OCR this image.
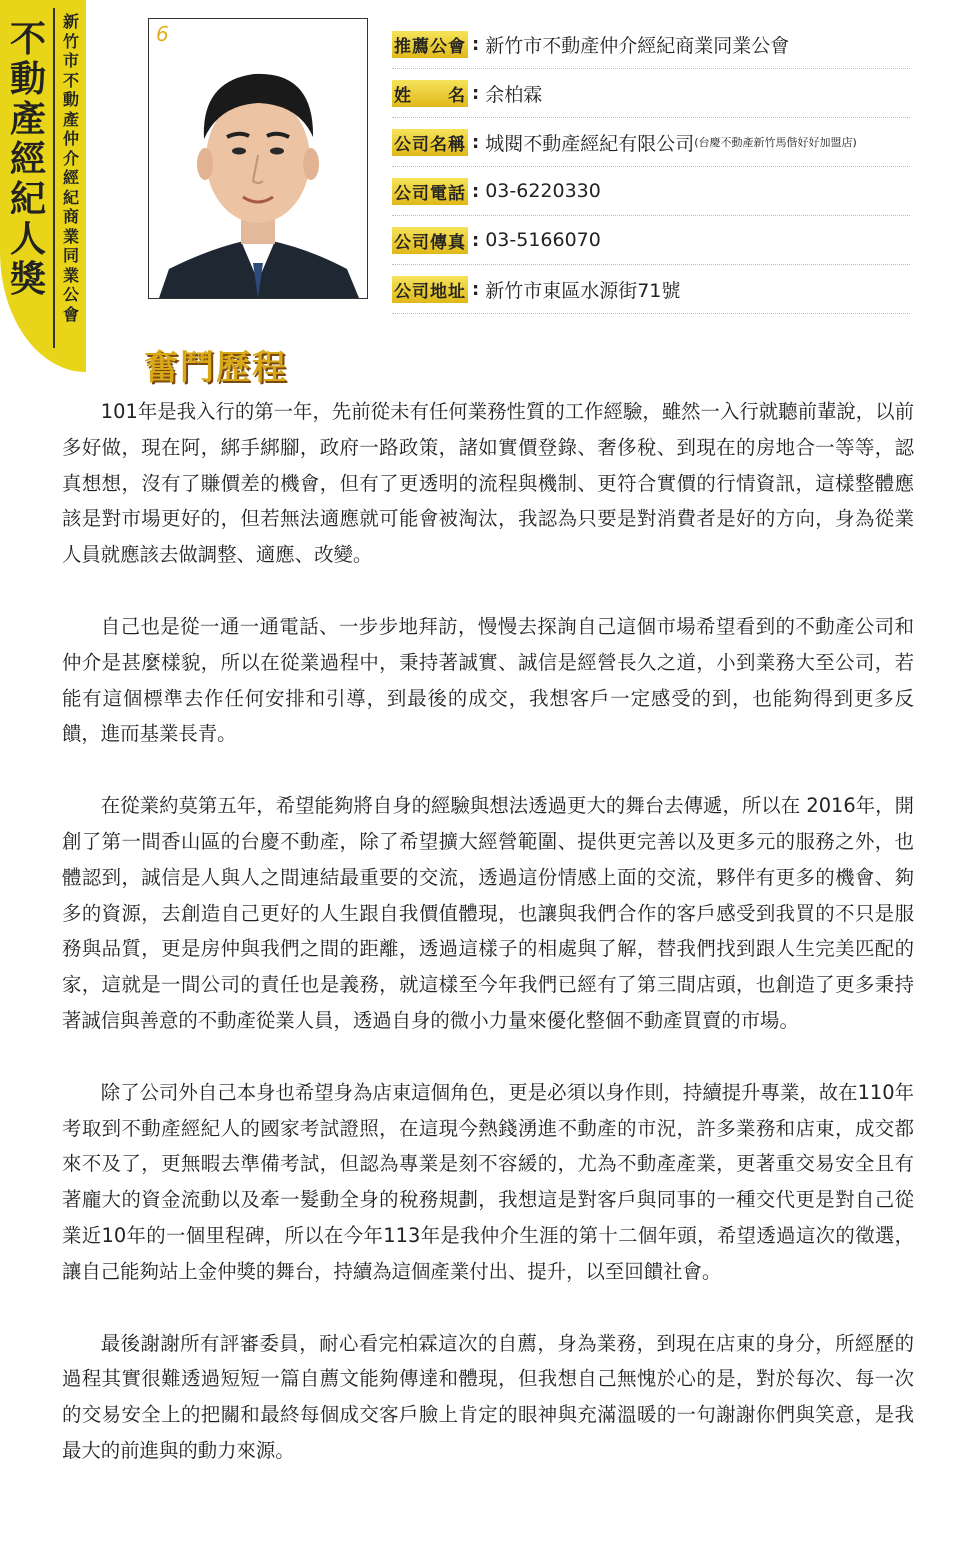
不動產經紀人獎
新竹市不動產仲介經紀商業同業公會
6
推薦公會 : 新竹市不動產仲介經紀商業同業公會
姓名 : 余柏霖
公司名稱 : 城閱不動產經紀有限公司 (台慶不動產新竹馬偕好好加盟店)
公司電話 : 03-6220330
公司傳真 : 03-5166070
公司地址 : 新竹市東區水源街71號
奮鬥歷程

101年是我入行的第一年，先前從未有任何業務性質的工作經驗，雖然一入行就聽前輩說，以前多好做，現在阿，綁手綁腳，政府一路政策，諸如實價登錄、奢侈稅、到現在的房地合一等等，認真想想，沒有了賺價差的機會，但有了更透明的流程與機制、更符合實價的行情資訊，這樣整體應該是對市場更好的，但若無法適應就可能會被淘汰，我認為只要是對消費者是好的方向，身為從業人員就應該去做調整、適應、改變。

自己也是從一通一通電話、一步步地拜訪，慢慢去探詢自己這個市場希望看到的不動產公司和仲介是甚麼樣貌，所以在從業過程中，秉持著誠實、誠信是經營長久之道，小到業務大至公司，若能有這個標準去作任何安排和引導，到最後的成交，我想客戶一定感受的到，也能夠得到更多反饋，進而基業長青。

在從業約莫第五年，希望能夠將自身的經驗與想法透過更大的舞台去傳遞，所以在 2016年，開創了第一間香山區的台慶不動產，除了希望擴大經營範圍、提供更完善以及更多元的服務之外，也體認到，誠信是人與人之間連結最重要的交流，透過這份情感上面的交流，夥伴有更多的機會、夠多的資源，去創造自己更好的人生跟自我價值體現，也讓與我們合作的客戶感受到我買的不只是服務與品質，更是房仲與我們之間的距離，透過這樣子的相處與了解，替我們找到跟人生完美匹配的家，這就是一間公司的責任也是義務，就這樣至今年我們已經有了第三間店頭，也創造了更多秉持著誠信與善意的不動產從業人員，透過自身的微小力量來優化整個不動產買賣的市場。

除了公司外自己本身也希望身為店東這個角色，更是必須以身作則，持續提升專業，故在110年考取到不動產經紀人的國家考試證照，在這現今熱錢湧進不動產的市況，許多業務和店東，成交都來不及了，更無暇去準備考試，但認為專業是刻不容緩的，尤為不動產產業，更著重交易安全且有著龐大的資金流動以及牽一髮動全身的稅務規劃，我想這是對客戶與同事的一種交代更是對自己從業近10年的一個里程碑，所以在今年113年是我仲介生涯的第十二個年頭，希望透過這次的徵選，讓自己能夠站上金仲獎的舞台，持續為這個產業付出、提升，以至回饋社會。

最後謝謝所有評審委員，耐心看完柏霖這次的自薦，身為業務，到現在店東的身分，所經歷的過程其實很難透過短短一篇自薦文能夠傳達和體現，但我想自己無愧於心的是，對於每次、每一次的交易安全上的把關和最終每個成交客戶臉上肯定的眼神與充滿溫暖的一句謝謝你們與笑意，是我最大的前進與的動力來源。
